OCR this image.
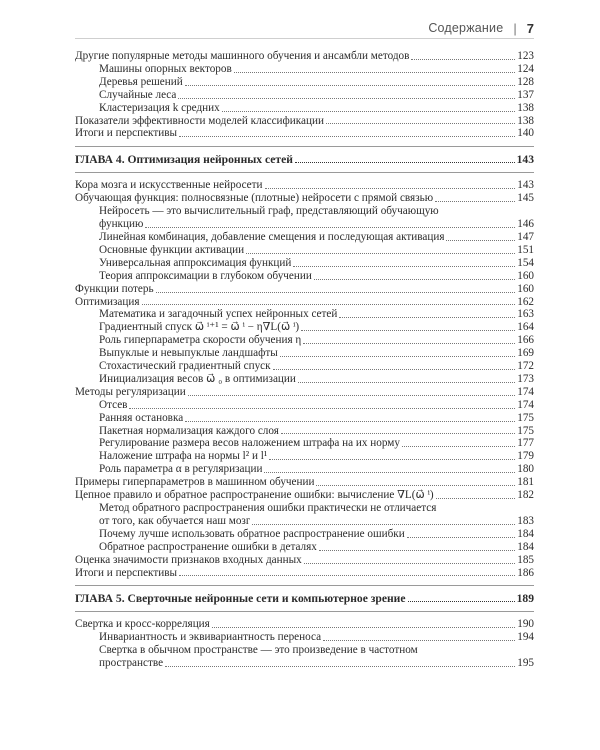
Содержание | 7
Другие популярные методы машинного обучения и ансамбли методов	123
Машины опорных векторов	124
Деревья решений	128
Случайные леса	137
Кластеризация k средних	138
Показатели эффективности моделей классификации	138
Итоги и перспективы	140
ГЛАВА 4. Оптимизация нейронных сетей	143
Кора мозга и искусственные нейросети	143
Обучающая функция: полносвязные (плотные) нейросети с прямой связью	145
Нейросеть — это вычислительный граф, представляющий обучающую
функцию	146
Линейная комбинация, добавление смещения и последующая активация	147
Основные функции активации	151
Универсальная аппроксимация функций	154
Теория аппроксимации в глубоком обучении	160
Функции потерь	160
Оптимизация	162
Математика и загадочный успех нейронных сетей	163
Градиентный спуск ω⃗ ⁱ⁺¹ = ω⃗ ⁱ − η∇L(ω⃗ ⁱ)	164
Роль гиперпараметра скорости обучения η	166
Выпуклые и невыпуклые ландшафты	169
Стохастический градиентный спуск	172
Инициализация весов ω⃗ ₀ в оптимизации	173
Методы регуляризации	174
Отсев	174
Ранняя остановка	175
Пакетная нормализация каждого слоя	175
Регулирование размера весов наложением штрафа на их норму	177
Наложение штрафа на нормы l² и l¹	179
Роль параметра α в регуляризации	180
Примеры гиперпараметров в машинном обучении	181
Цепное правило и обратное распространение ошибки: вычисление ∇L(ω⃗ ⁱ)	182
Метод обратного распространения ошибки практически не отличается
от того, как обучается наш мозг	183
Почему лучше использовать обратное распространение ошибки	184
Обратное распространение ошибки в деталях	184
Оценка значимости признаков входных данных	185
Итоги и перспективы	186
ГЛАВА 5. Сверточные нейронные сети и компьютерное зрение	189
Свертка и кросс-корреляция	190
Инвариантность и эквивариантность переноса	194
Свертка в обычном пространстве — это произведение в частотном
пространстве	195
